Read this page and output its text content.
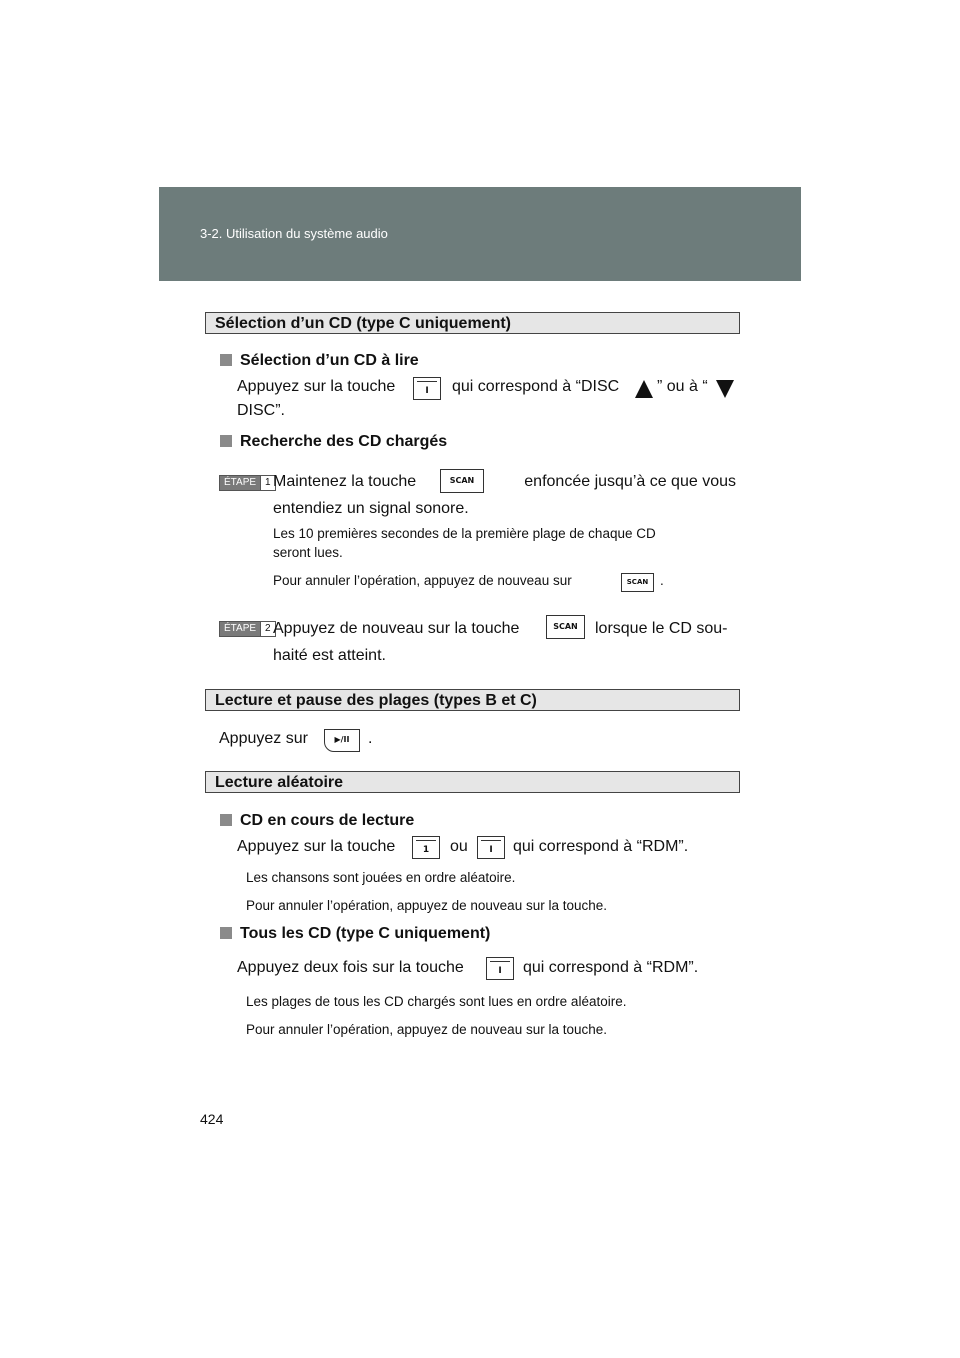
3-2. Utilisation du système audio
Sélection d’un CD (type C uniquement)
Sélection d’un CD à lire
Appuyez sur la touche	I	qui correspond à “DISC ” ou à “
DISC”.
Recherche des CD chargés
ÉTAPE 1 Maintenez la touche	enfoncée jusqu’à ce que vous
SCAN
entendiez un signal sonore.
Les 10 premières secondes de la première plage de chaque CD
seront lues.
Pour annuler l’opération, appuyez de nouveau sur	SCAN .
ÉTAPE 2 Appuyez de nouveau sur la touche	SCAN	lorsque le CD sou-
haité est atteint.
Lecture et pause des plages (types B et C)
Appuyez sur	▶/II	.
Lecture aléatoire
CD en cours de lecture
Appuyez sur la touche	1	ou	I	qui correspond à “RDM”.
Les chansons sont jouées en ordre aléatoire.
Pour annuler l’opération, appuyez de nouveau sur la touche.
Tous les CD (type C uniquement)
Appuyez deux fois sur la touche	I	qui correspond à “RDM”.
Les plages de tous les CD chargés sont lues en ordre aléatoire.
Pour annuler l’opération, appuyez de nouveau sur la touche.
424
